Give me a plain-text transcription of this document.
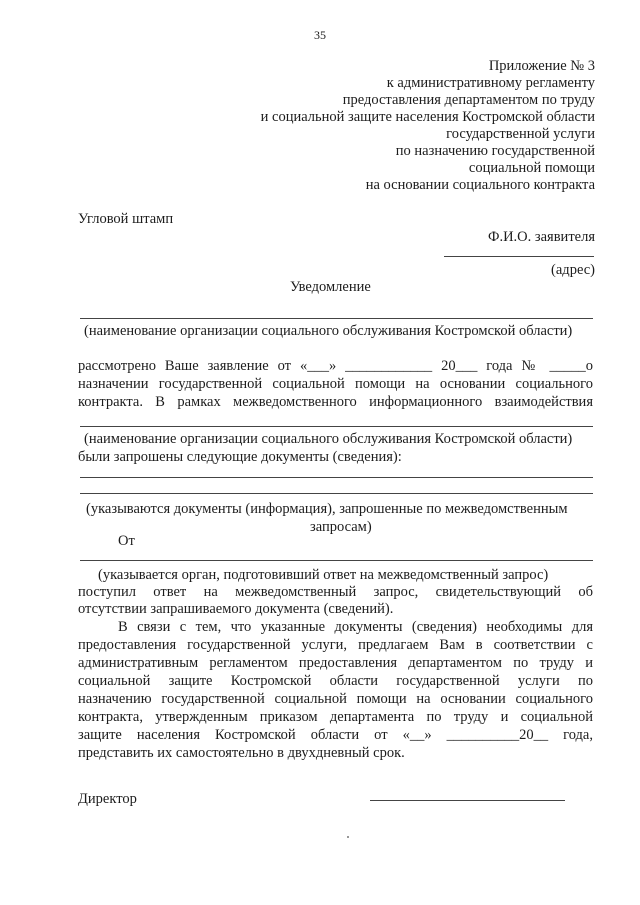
35
Приложение № 3
к административному регламенту
предоставления департаментом по труду
и социальной защите населения Костромской области
государственной услуги
по назначению государственной
социальной помощи
на основании социального контракта
Угловой штамп
Ф.И.О. заявителя
(адрес)
Уведомление
(наименование организации социального обслуживания Костромской области)
рассмотрено Ваше заявление от «___» ____________ 20___ года № _____о
назначении государственной социальной помощи на основании социального
контракта. В рамках межведомственного информационного взаимодействия
(наименование организации социального обслуживания Костромской области)
были запрошены следующие документы (сведения):
(указываются документы (информация), запрошенные по межведомственным
запросам)
От
(указывается орган, подготовивший ответ на межведомственный запрос)
поступил ответ на межведомственный запрос, свидетельствующий об
отсутствии запрашиваемого документа (сведений).
В связи с тем, что указанные документы (сведения) необходимы для
предоставления государственной услуги, предлагаем Вам в соответствии с
административным регламентом предоставления департаментом по труду и
социальной защите Костромской области государственной услуги по
назначению государственной социальной помощи на основании социального
контракта, утвержденным приказом департамента по труду и социальной
защите населения Костромской области от «__» __________20__ года,
представить их самостоятельно в двухдневный срок.
Директор
